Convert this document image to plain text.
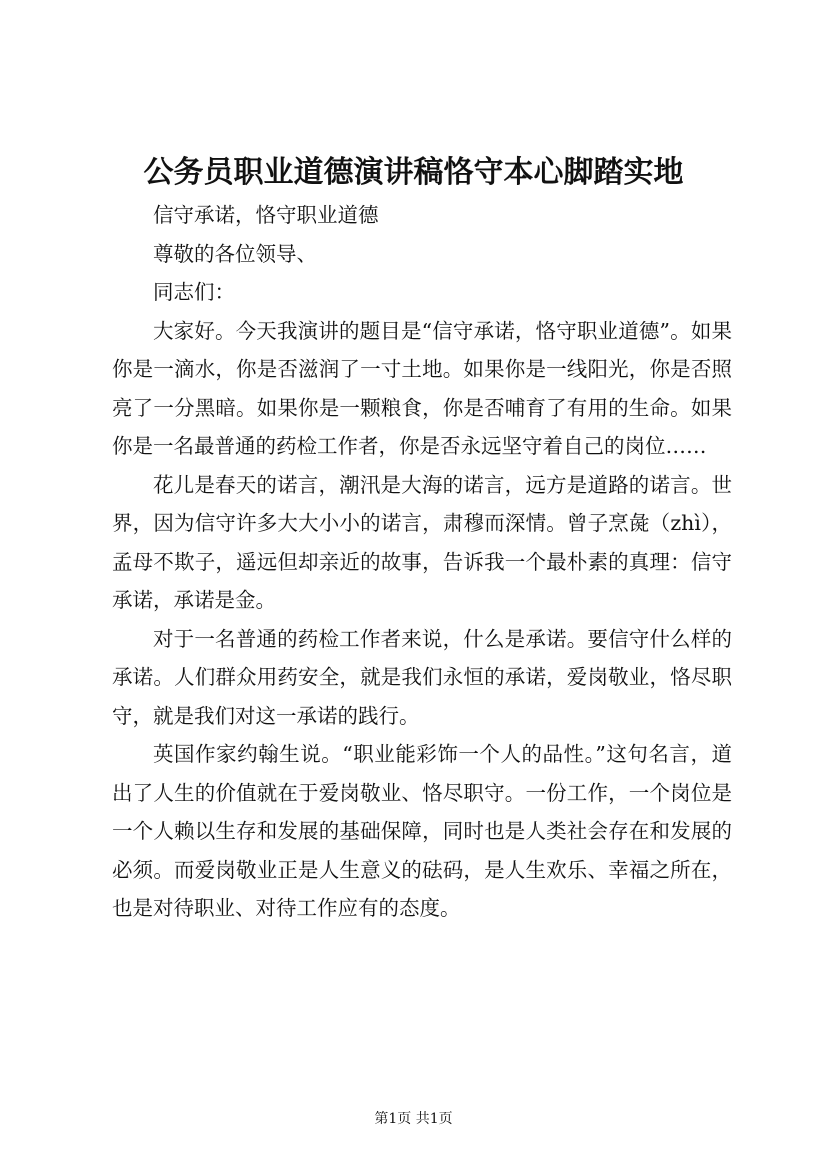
公务员职业道德演讲稿恪守本心脚踏实地

信守承诺，恪守职业道德

尊敬的各位领导、

同志们：

大家好。今天我演讲的题目是“信守承诺，恪守职业道德”。如果你是一滴水，你是否滋润了一寸土地。如果你是一线阳光，你是否照亮了一分黑暗。如果你是一颗粮食，你是否哺育了有用的生命。如果你是一名最普通的药检工作者，你是否永远坚守着自己的岗位……

花儿是春天的诺言，潮汛是大海的诺言，远方是道路的诺言。世界，因为信守许多大大小小的诺言，肃穆而深情。曾子烹彘（zhì），孟母不欺子，遥远但却亲近的故事，告诉我一个最朴素的真理：信守承诺，承诺是金。

对于一名普通的药检工作者来说，什么是承诺。要信守什么样的承诺。人们群众用药安全，就是我们永恒的承诺，爱岗敬业，恪尽职守，就是我们对这一承诺的践行。

英国作家约翰生说。“职业能彩饰一个人的品性。”这句名言，道出了人生的价值就在于爱岗敬业、恪尽职守。一份工作，一个岗位是一个人赖以生存和发展的基础保障，同时也是人类社会存在和发展的必须。而爱岗敬业正是人生意义的砝码，是人生欢乐、幸福之所在，也是对待职业、对待工作应有的态度。

第1页 共1页
